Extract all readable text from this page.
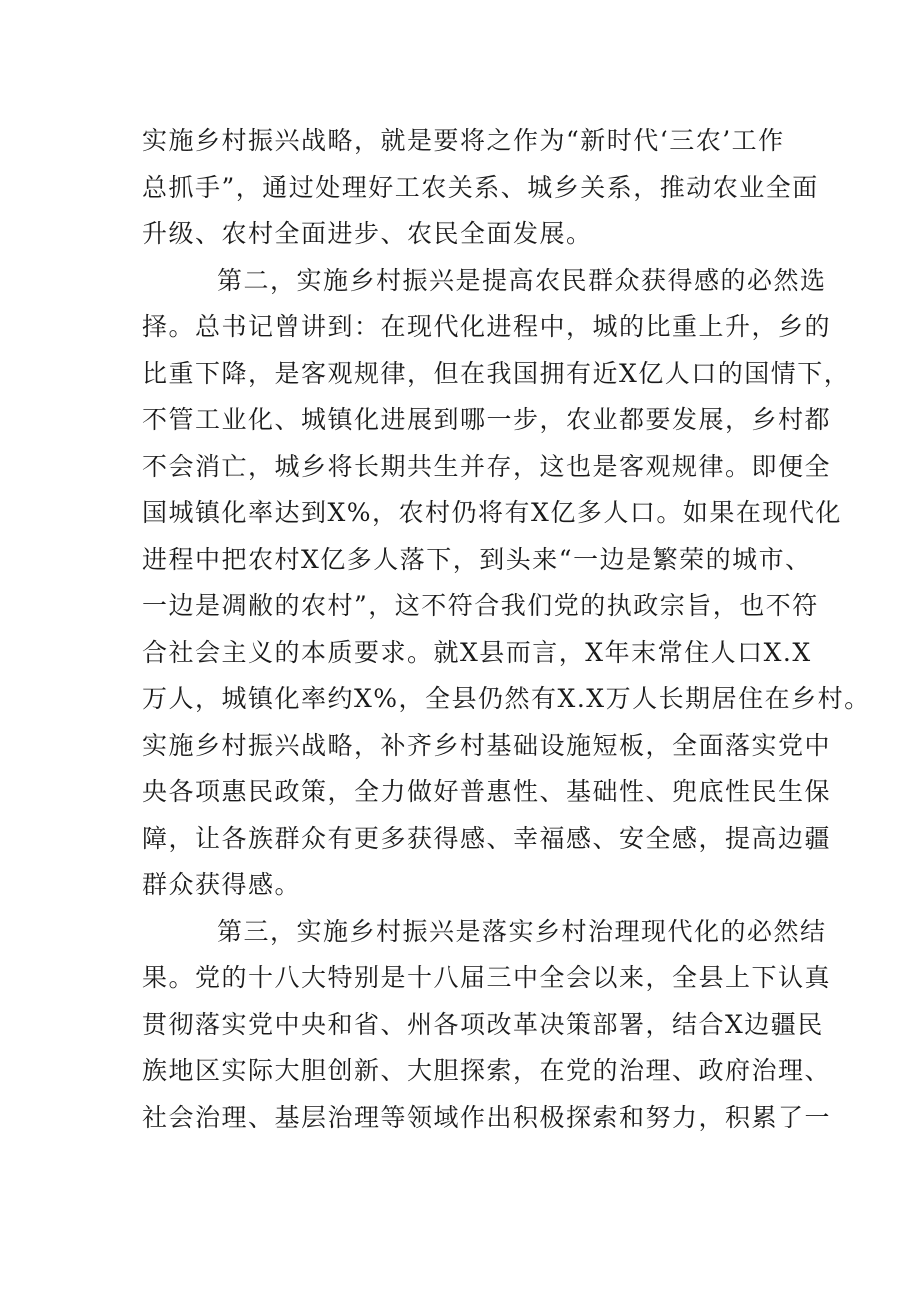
实施乡村振兴战略，就是要将之作为“新时代‘三农’工作
总抓手”，通过处理好工农关系、城乡关系，推动农业全面
升级、农村全面进步、农民全面发展。
第二，实施乡村振兴是提高农民群众获得感的必然选
择。总书记曾讲到：在现代化进程中，城的比重上升，乡的
比重下降，是客观规律，但在我国拥有近X亿人口的国情下，
不管工业化、城镇化进展到哪一步，农业都要发展，乡村都
不会消亡，城乡将长期共生并存，这也是客观规律。即便全
国城镇化率达到X%，农村仍将有X亿多人口。如果在现代化
进程中把农村X亿多人落下，到头来“一边是繁荣的城市、
一边是凋敝的农村”，这不符合我们党的执政宗旨，也不符
合社会主义的本质要求。就X县而言，X年末常住人口X.X
万人，城镇化率约X%，全县仍然有X.X万人长期居住在乡村。
实施乡村振兴战略，补齐乡村基础设施短板，全面落实党中
央各项惠民政策，全力做好普惠性、基础性、兜底性民生保
障，让各族群众有更多获得感、幸福感、安全感，提高边疆
群众获得感。
第三，实施乡村振兴是落实乡村治理现代化的必然结
果。党的十八大特别是十八届三中全会以来，全县上下认真
贯彻落实党中央和省、州各项改革决策部署，结合X边疆民
族地区实际大胆创新、大胆探索，在党的治理、政府治理、
社会治理、基层治理等领域作出积极探索和努力，积累了一
